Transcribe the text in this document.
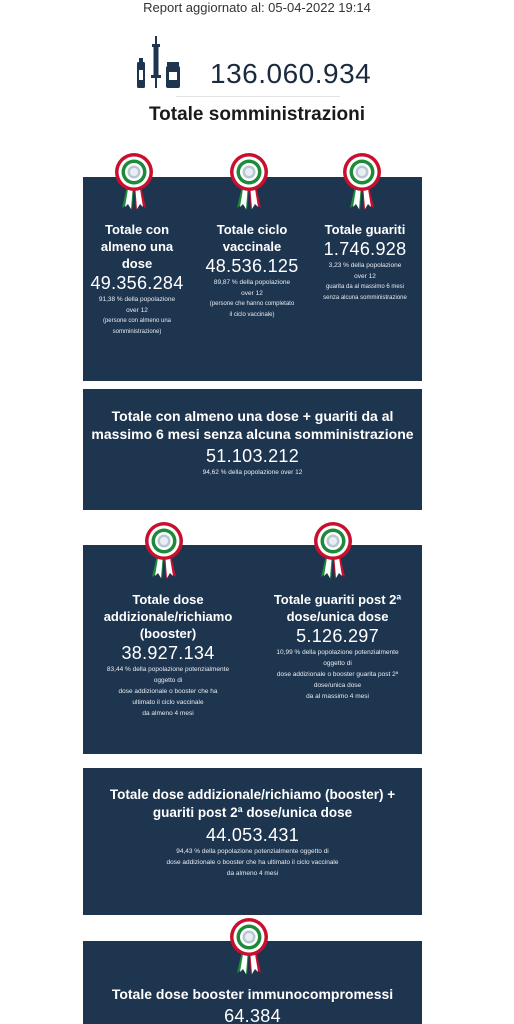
Report aggiornato al: 05-04-2022 19:14
136.060.934
Totale somministrazioni
Totale con
almeno una
dose
49.356.284
91,38 % della popolazione
over 12
(persone con almeno una
somministrazione)
Totale ciclo
vaccinale
48.536.125
89,87 % della popolazione
over 12
(persone che hanno completato
il ciclo vaccinale)
Totale guariti
1.746.928
3,23 % della popolazione
over 12
guarita da al massimo 6 mesi
senza alcuna somministrazione
Totale con almeno una dose + guariti da al
massimo 6 mesi senza alcuna somministrazione
51.103.212
94,62 % della popolazione over 12
Totale dose
addizionale/richiamo
(booster)
38.927.134
83,44 % della popolazione potenzialmente
oggetto di
dose addizionale o booster che ha
ultimato il ciclo vaccinale
da almeno 4 mesi
Totale guariti post 2ª
dose/unica dose
5.126.297
10,99 % della popolazione potenzialmente
oggetto di
dose addizionale o booster guarita post 2ª
dose/unica dose
da al massimo 4 mesi
Totale dose addizionale/richiamo (booster) +
guariti post 2ª dose/unica dose
44.053.431
94,43 % della popolazione potenzialmente oggetto di
dose addizionale o booster che ha ultimato il ciclo vaccinale
da almeno 4 mesi
Totale dose booster immunocompromessi
64.384
